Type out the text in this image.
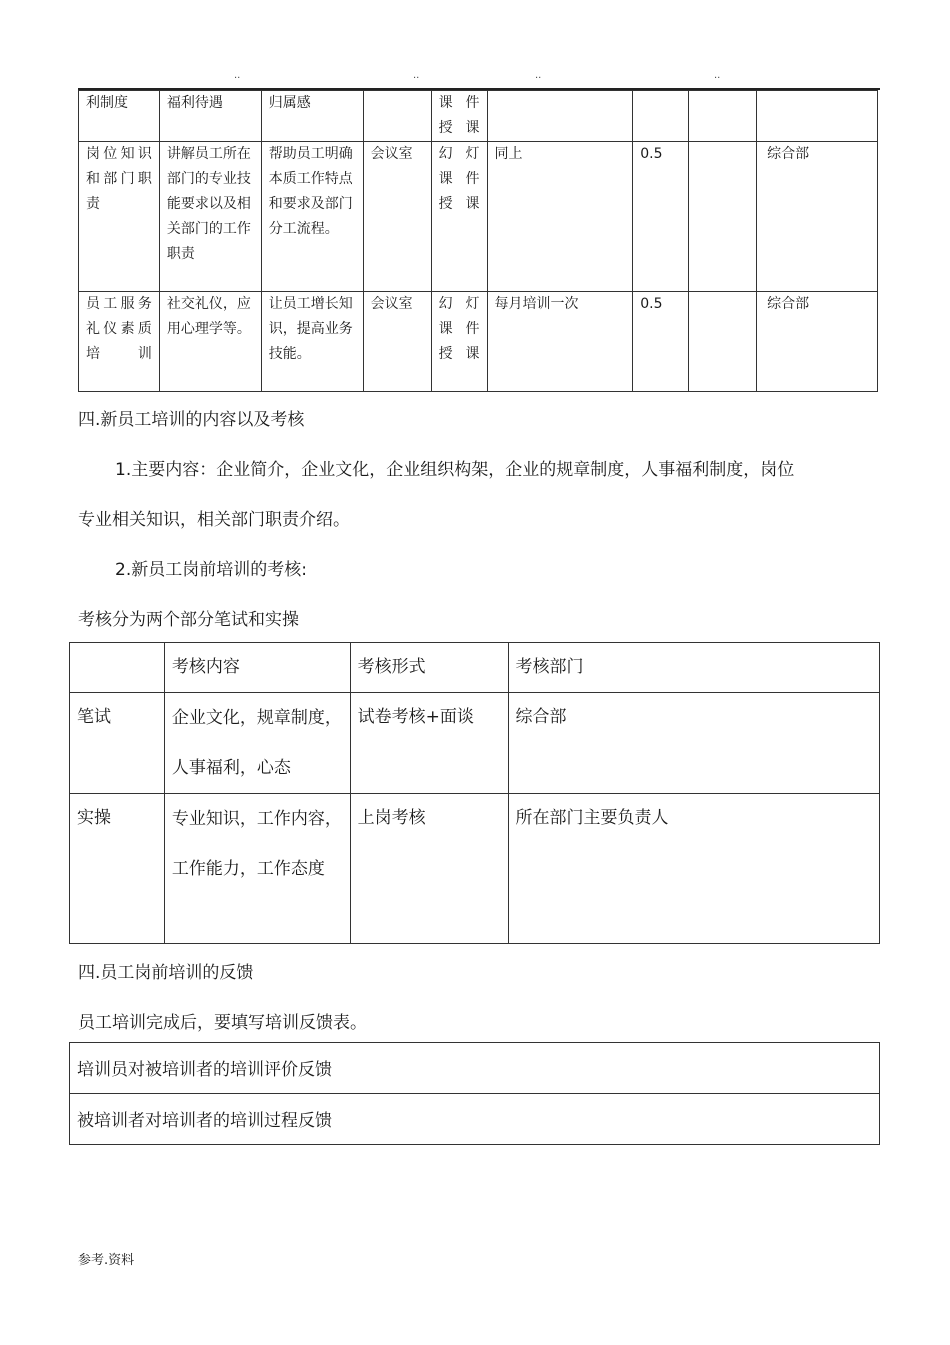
..	..	..	..
利制度	福利待遇	归属感		课件授课				
岗位知识和部门职责	讲解员工所在部门的专业技能要求以及相关部门的工作职责	帮助员工明确本质工作特点和要求及部门分工流程。	会议室	幻灯课件授课	同上	0.5		综合部
员工服务礼仪素质培训	社交礼仪，应用心理学等。	让员工增长知识，提高业务技能。	会议室	幻灯课件授课	每月培训一次	0.5		综合部
四.新员工培训的内容以及考核
1.主要内容：企业简介，企业文化，企业组织构架，企业的规章制度，人事福利制度，岗位
专业相关知识，相关部门职责介绍。
2.新员工岗前培训的考核:
考核分为两个部分笔试和实操
	考核内容	考核形式	考核部门
笔试	企业文化，规章制度，人事福利，心态	试卷考核+面谈	综合部
实操	专业知识，工作内容，工作能力，工作态度	上岗考核	所在部门主要负责人
四.员工岗前培训的反馈
员工培训完成后，要填写培训反馈表。
培训员对被培训者的培训评价反馈
被培训者对培训者的培训过程反馈
参考.资料
